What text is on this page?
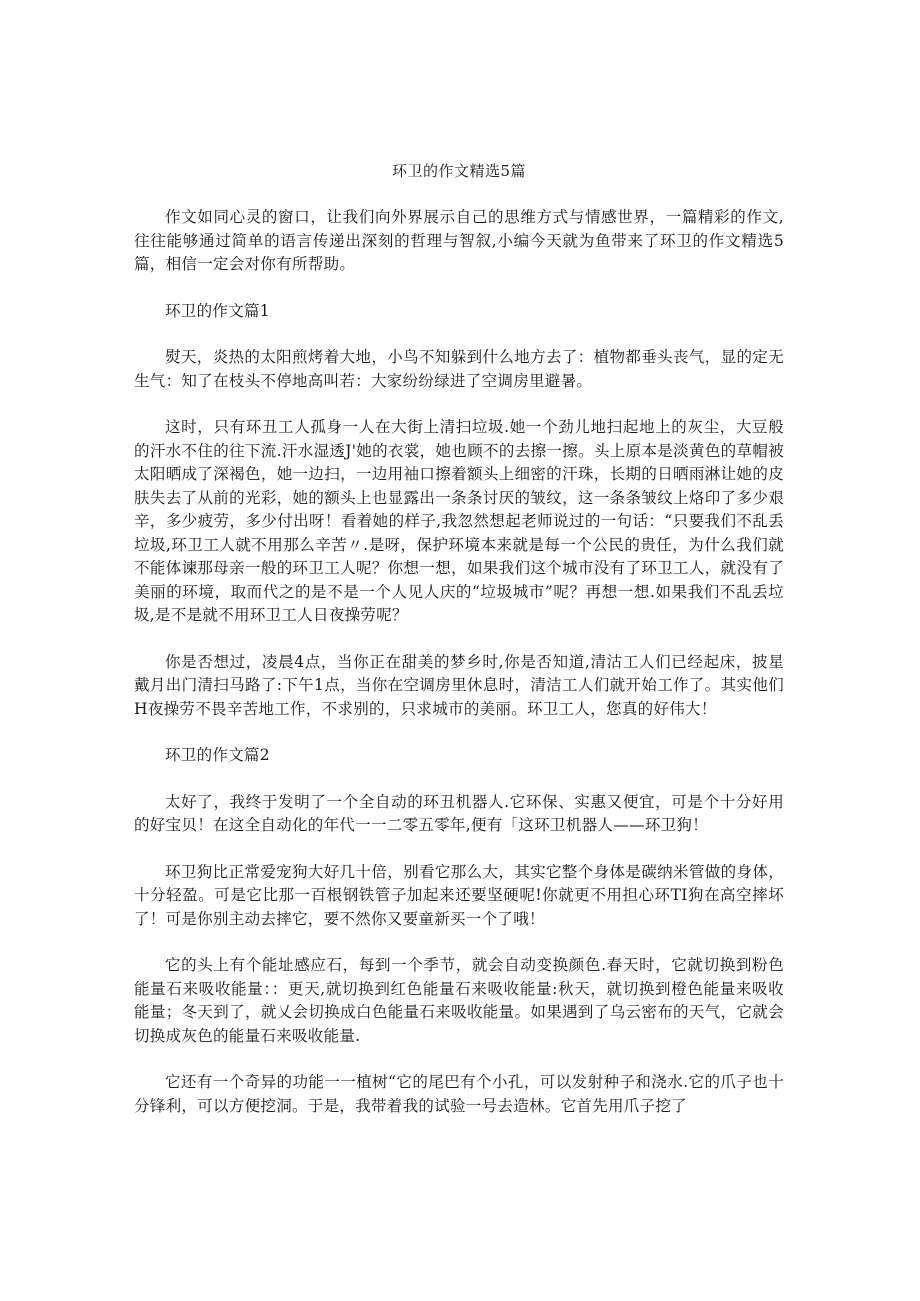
环卫的作文精选5篇

作文如同心灵的窗口，让我们向外界展示自己的思维方式与情感世界，一篇精彩的作文,往往能够通过简单的语言传递出深刻的哲理与智叙,小编今天就为鱼带来了环卫的作文精选5篇，相信一定会对你有所帮助。

环卫的作文篇1

熨天，炎热的太阳煎烤着大地，小鸟不知躲到什么地方去了：植物都垂头丧气，显的定无生气：知了在枝头不停地高叫若：大家纷纷绿进了空调房里避暑。

这时，只有环丑工人孤身一人在大街上清扫垃圾.她一个劲儿地扫起地上的灰尘，大豆般的汗水不住的往下流.汗水湿透J'她的衣裳，她也顾不的去擦一擦。头上原本是淡黄色的草帽被太阳晒成了深褐色，她一边扫，一边用袖口擦着额头上细密的汗珠，长期的日晒雨淋让她的皮肤失去了从前的光彩，她的额头上也显露出一条条讨厌的皱纹，这一条条皱纹上烙印了多少艰辛，多少疲劳，多少付出呀！看着她的样子,我忽然想起老师说过的一句话：“只要我们不乱丢垃圾,环卫工人就不用那么辛苦〃.是呀，保护环境本来就是每一个公民的贵任，为什么我们就不能体谏那母亲一般的环卫工人呢？你想一想，如果我们这个城市没有了环卫工人，就没有了美丽的环境，取而代之的是不是一个人见人庆的“垃圾城市”呢？再想一想.如果我们不乱丢垃圾,是不是就不用环卫工人日夜操劳呢？

你是否想过，凌晨4点，当你正在甜美的梦乡时,你是否知道,清沽工人们已经起床，披星戴月出门清扫马路了:下午1点，当你在空调房里休息时，清洁工人们就开始工作了。其实他们H夜操劳不畏辛苦地工作，不求别的，只求城市的美丽。环卫工人，您真的好伟大！

环卫的作文篇2

太好了，我终于发明了一个全自动的环丑机器人.它环保、实惠又便宜，可是个十分好用的好宝贝！在这全自动化的年代一一二零五零年,便有「这环卫机器人——环卫狗！

环卫狗比正常爱宠狗大好几十倍，别看它那么大，其实它整个身体是碳纳米管做的身体，十分轻盈。可是它比那一百根钢铁管子加起来还要坚硬呢!你就更不用担心环TI狗在高空摔坏了！可是你别主动去摔它，要不然你又要童新买一个了哦！

它的头上有个能址感应石，每到一个季节，就会自动变换颜色.春天时，它就切换到粉色能量石来吸收能量：：更天,就切换到红色能量石来吸收能量:秋天，就切换到橙色能量来吸收能量；冬天到了，就乂会切换成白色能量石来吸收能量。如果遇到了乌云密布的天气，它就会切换成灰色的能量石来吸收能量.

它还有一个奇异的功能一一植树“它的尾巴有个小孔，可以发射种子和浇水.它的爪子也十分锋利，可以方便挖洞。于是，我带着我的试验一号去造林。它首先用爪子挖了
